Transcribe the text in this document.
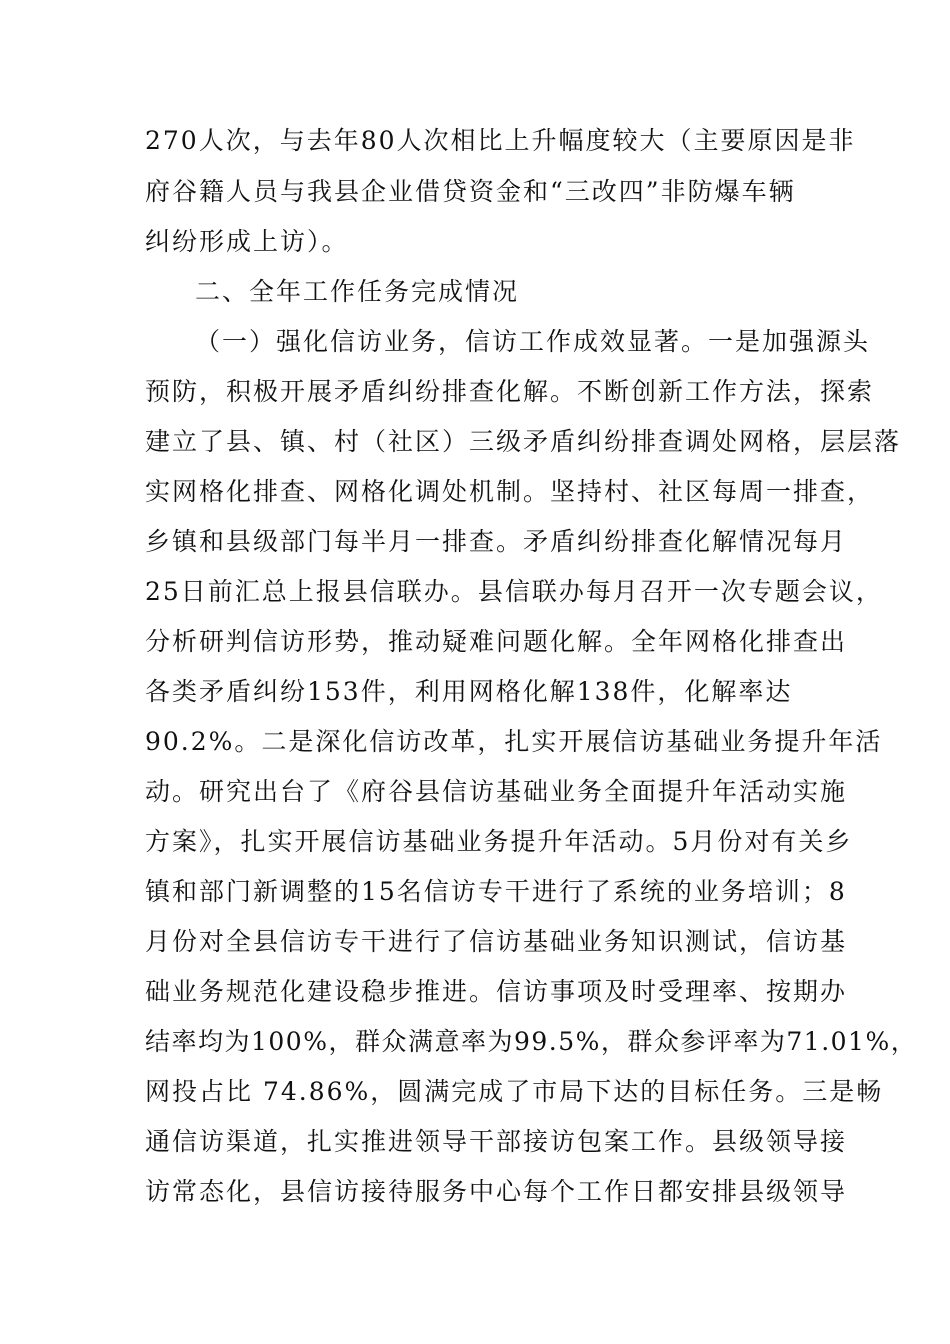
270人次，与去年80人次相比上升幅度较大（主要原因是非
府谷籍人员与我县企业借贷资金和“三改四”非防爆车辆
纠纷形成上访）。
二、全年工作任务完成情况
（一）强化信访业务，信访工作成效显著。一是加强源头
预防，积极开展矛盾纠纷排查化解。不断创新工作方法，探索
建立了县、镇、村（社区）三级矛盾纠纷排查调处网格，层层落
实网格化排查、网格化调处机制。坚持村、社区每周一排查，
乡镇和县级部门每半月一排查。矛盾纠纷排查化解情况每月
25日前汇总上报县信联办。县信联办每月召开一次专题会议，
分析研判信访形势，推动疑难问题化解。全年网格化排查出
各类矛盾纠纷153件，利用网格化解138件，化解率达
90.2%。二是深化信访改革，扎实开展信访基础业务提升年活
动。研究出台了《府谷县信访基础业务全面提升年活动实施
方案》，扎实开展信访基础业务提升年活动。5月份对有关乡
镇和部门新调整的15名信访专干进行了系统的业务培训；8
月份对全县信访专干进行了信访基础业务知识测试，信访基
础业务规范化建设稳步推进。信访事项及时受理率、按期办
结率均为100%，群众满意率为99.5%，群众参评率为71.01%，
网投占比 74.86%，圆满完成了市局下达的目标任务。三是畅
通信访渠道，扎实推进领导干部接访包案工作。县级领导接
访常态化，县信访接待服务中心每个工作日都安排县级领导
